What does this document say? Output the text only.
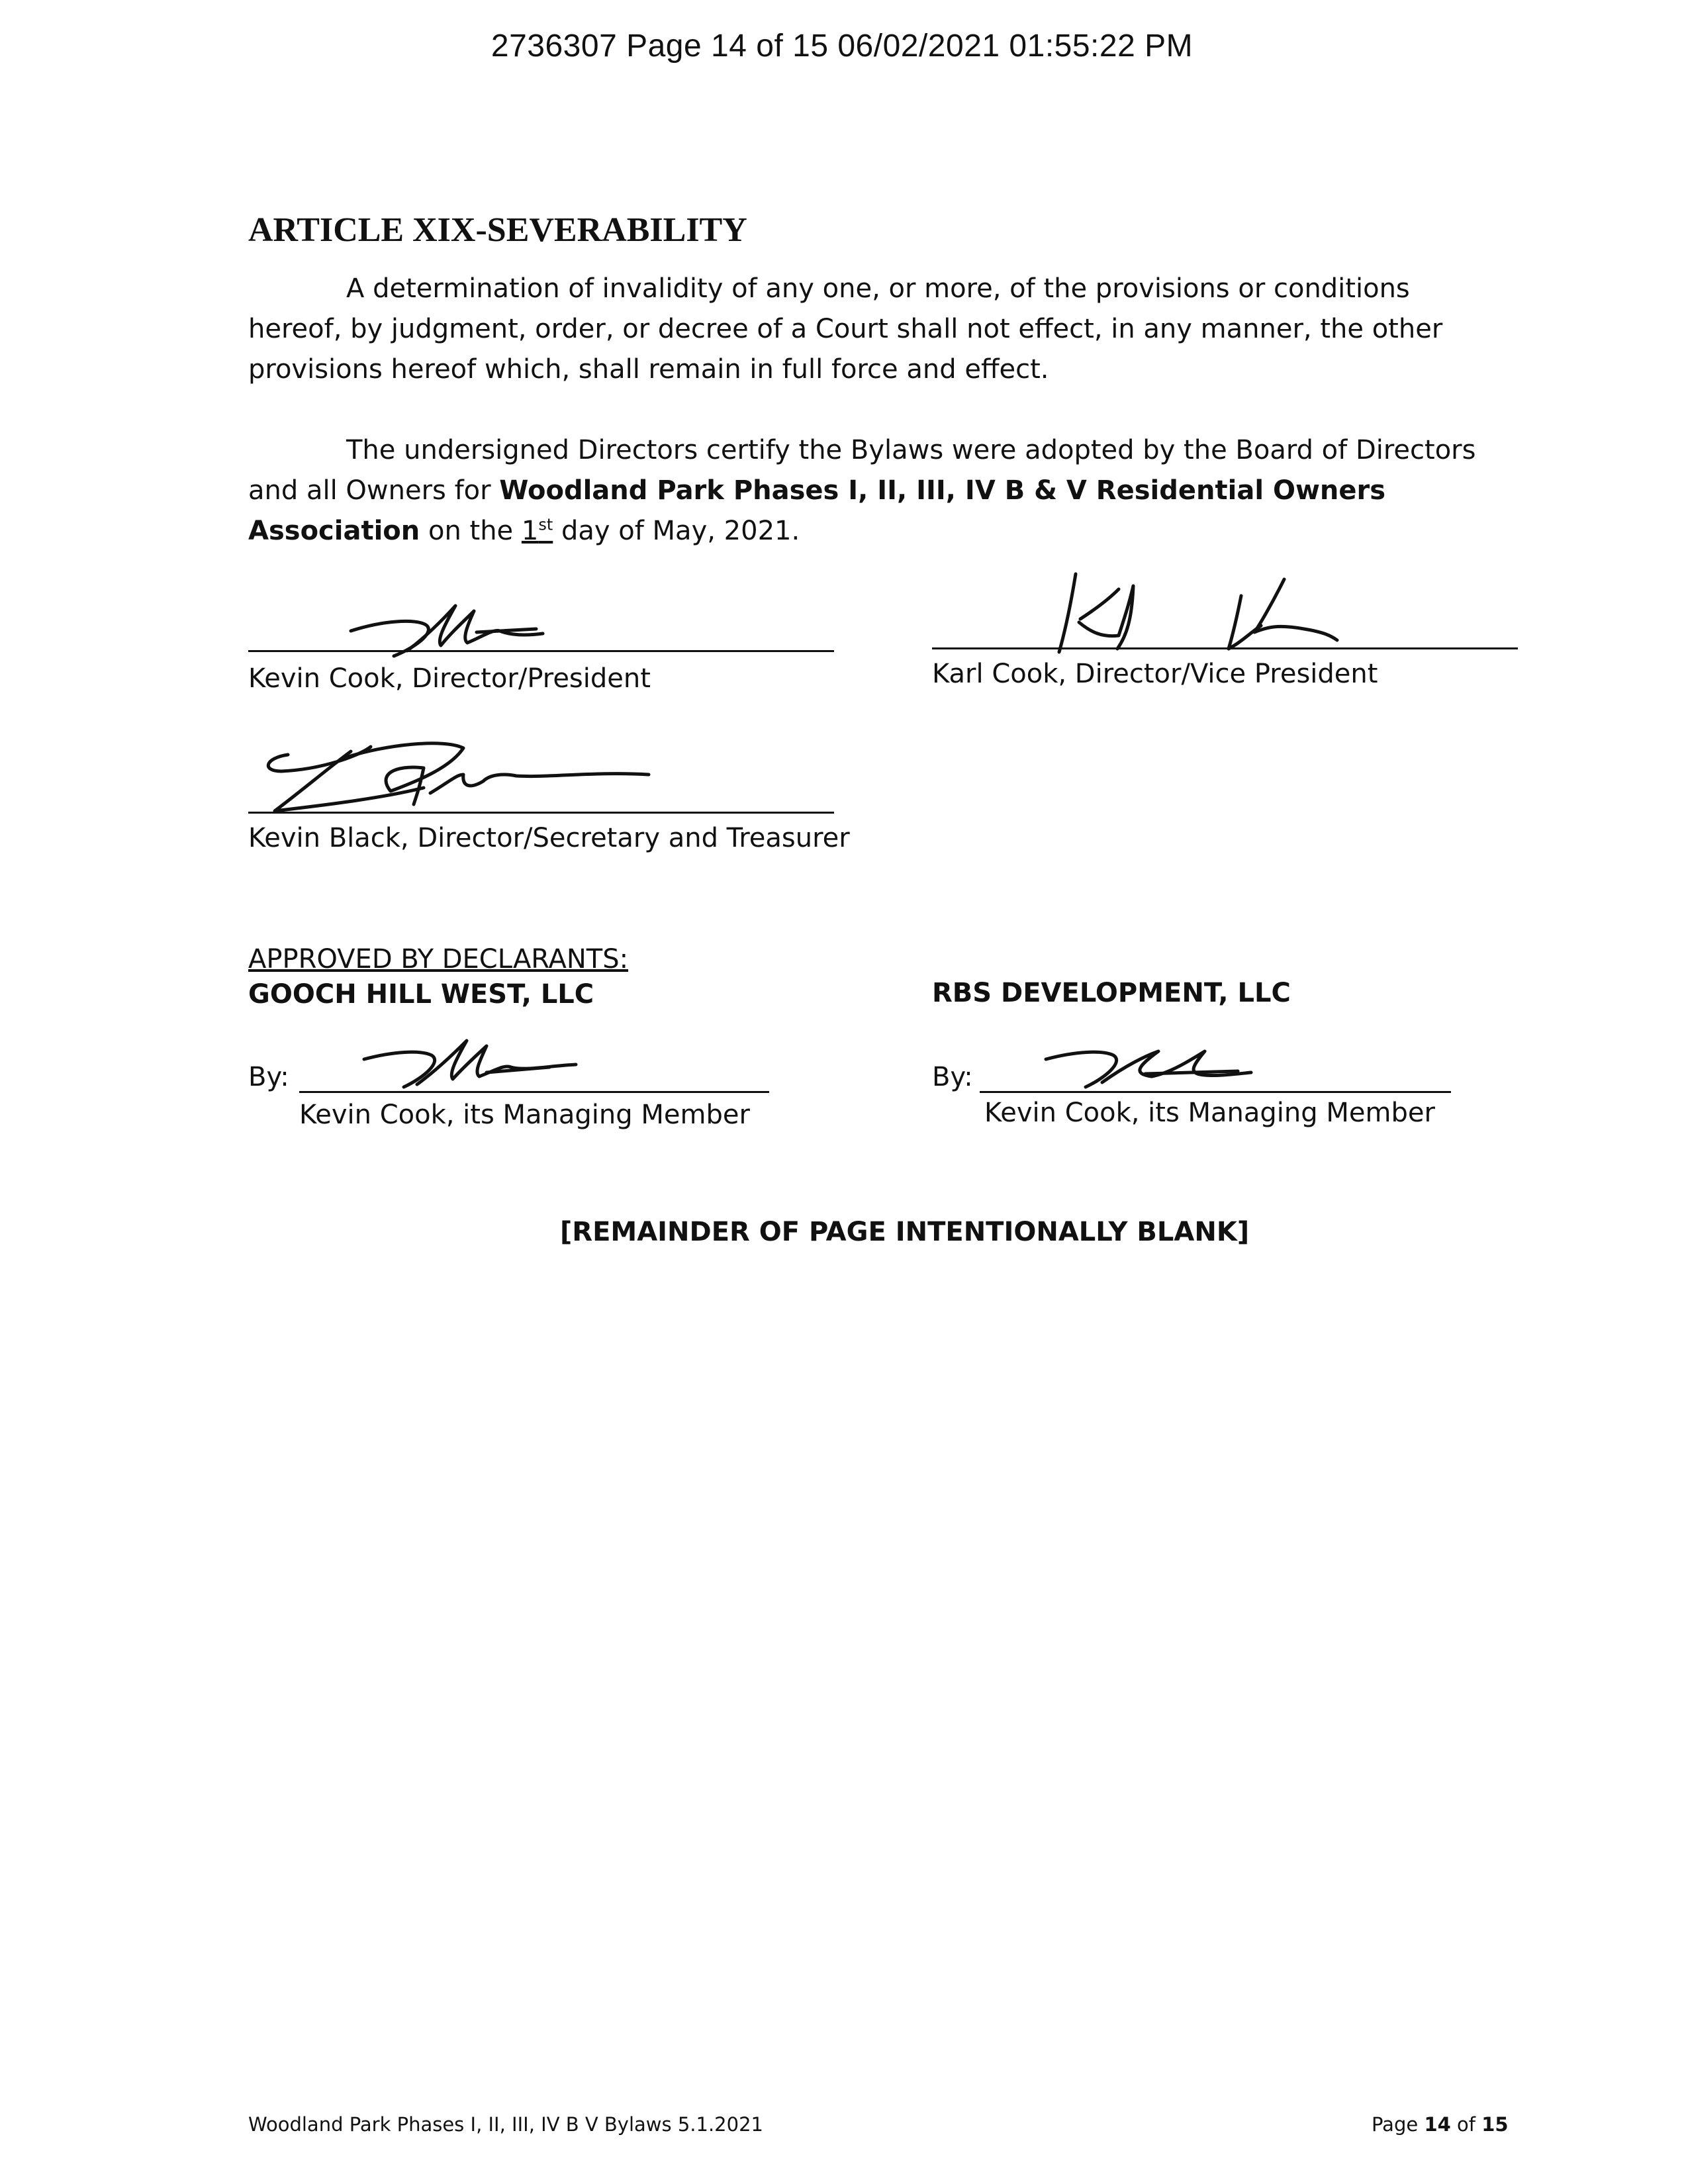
2736307 Page 14 of 15 06/02/2021 01:55:22 PM
ARTICLE XIX-SEVERABILITY
A determination of invalidity of any one, or more, of the provisions or conditions hereof, by judgment, order, or decree of a Court shall not effect, in any manner, the other provisions hereof which, shall remain in full force and effect.
The undersigned Directors certify the Bylaws were adopted by the Board of Directors and all Owners for Woodland Park Phases I, II, III, IV B & V Residential Owners Association on the 1st day of May, 2021.
Kevin Cook, Director/President	Karl Cook, Director/Vice President
Kevin Black, Director/Secretary and Treasurer
APPROVED BY DECLARANTS:
GOOCH HILL WEST, LLC	RBS DEVELOPMENT, LLC
By:
Kevin Cook, its Managing Member
By:
Kevin Cook, its Managing Member
[REMAINDER OF PAGE INTENTIONALLY BLANK]
Woodland Park Phases I, II, III, IV B V Bylaws 5.1.2021	Page 14 of 15
